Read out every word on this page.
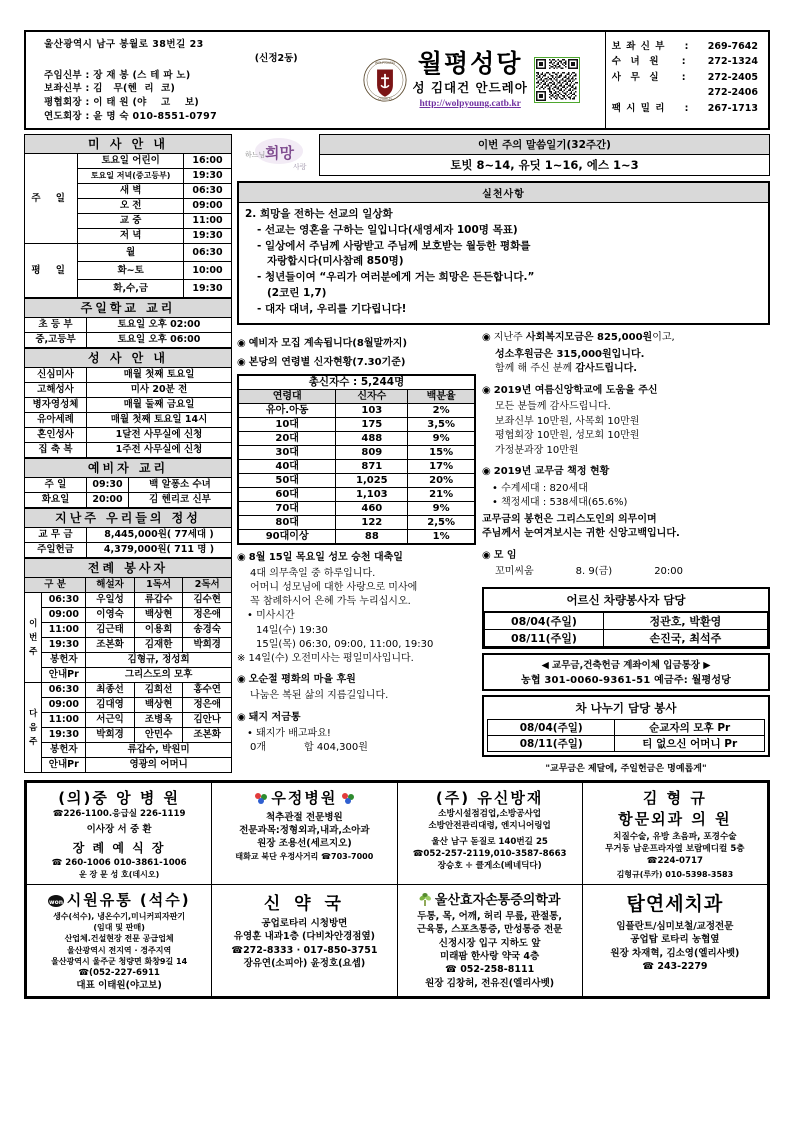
울산광역시 남구 봉월로 38번길 23
(신정2동)
주임신부 : 장 재 봉 (스 테 파 노)
보좌신부 : 김   무(헨  리  코)
평협회장 : 이 태 원 (야    고    보)
연도회장 : 윤 명 숙 010-8551-0797
WOLPYOUNG
CHURCH
월평성당
성 김대건 안드레아
http://wolpyoung.catb.kr
보 좌 신 부 : 269-7642
수  녀  원 : 272-1324
사  무  실 : 272-2405

272-2406
팩 시 밀 리 : 267-1713
미 사 안 내		
주 일	토요일 어린이	16:00
	토요일 저녁(중고등부)	19:30
	새 벽	06:30
	오 전	09:00
	교 중	11:00
	저 녁	19:30
평 일	월	06:30
	화~토	10:00
	화,수,금	19:30
주일학교 교리	
초 등 부	토요일 오후 02:00
중,고등부	토요일 오후 06:00
성 사 안 내	
신심미사	매월 첫째 토요일
고해성사	미사 20분 전
병자영성체	매월 둘째 금요일
유아세례	매월 첫째 토요일 14시
혼인성사	1달전 사무실에 신청
집 축 복	1주전 사무실에 신청
예비자 교리		
주 일	09:30	백 알퐁소 수녀
화요일	20:00	김 헨리코 신부
지난주 우리들의 정성	
교 무 금	8,445,000원( 77세대 )
주일헌금	4,379,000원( 711 명 )
전례 봉사자				
구 분		해설자	1독서	2독서
이 번 주	06:30	우일성	류갑수	김수현
	09:00	이영숙	백상현	정은애
	11:00	김근태	이용희	송경숙
	19:30	조본화	김재한	박희경
	봉헌자	김형규, 정성희		
	안내Pr	그리스도의 모후		
다 음 주	06:30	최종선	김희선	홍수연
	09:00	김대영	백상현	정은애
	11:00	서근익	조병옥	김안나
	19:30	박희경	안민수	조본화
	봉헌자	류갑수, 박원미		
	안내Pr	영광의 어머니		
하느님 희망
사랑
이번 주의 말씀일기(32주간)
토빗 8~14, 유딧 1~16, 에스 1~3
실천사항
2. 희망을 전하는 선교의 일상화
- 선교는 영혼을 구하는 일입니다(새영세자 100명 목표)
- 일상에서 주님께 사랑받고 주님께 보호받는 월등한 평화를
자랑합시다(미사참례 850명)
- 청년들이여 “우리가 여러분에게 거는 희망은 든든합니다.”
(2코린 1,7)
- 대자 대녀, 우리를 기다립니다!
◉ 예비자 모집 계속됩니다(8월말까지)
◉ 본당의 연령별 신자현황(7.30기준)
총신자수 : 5,244명		
연령대	신자수	백분율
유아.아동	103	2%
10대	175	3,5%
20대	488	9%
30대	809	15%
40대	871	17%
50대	1,025	20%
60대	1,103	21%
70대	460	9%
80대	122	2,5%
90대이상	88	1%
◉ 8월 15일 목요일 성모 승천 대축일
4대 의무축일 중 하루입니다.
어머니 성모님에 대한 사랑으로 미사에
꼭 참례하시어 은혜 가득 누리십시오.
• 미사시간
14일(수) 19:30
15일(목) 06:30, 09:00, 11:00, 19:30
※ 14일(수) 오전미사는 평일미사입니다.
◉ 오순절 평화의 마을 후원
나눔은 복된 삶의 지름길입니다.
◉ 돼지 저금통
• 돼지가 배고파요!
0개	합 404,300원
◉ 지난주 사회복지모금은 825,000원이고,
성소후원금은 315,000원입니다.
함께 해 주신 분께 감사드립니다.
◉ 2019년 여름신앙학교에 도움을 주신
모든 분들께 감사드립니다.
보좌신부 10만원, 사목회 10만원
평협회장 10만원, 성모회 10만원
가정분과장 10만원
◉ 2019년 교무금 책정 현황
• 수계세대 : 820세대
• 책정세대 : 538세대(65.6%)
교무금의 봉헌은 그리스도인의 의무이며
주님께서 눈여겨보시는 귀한 신앙고백입니다.
◉ 모 임
꼬미씨움	8. 9(금)	20:00
어르신 차량봉사자 담당
08/04(주일)	정관호, 박환영
08/11(주일)	손진국, 최석주
◀ 교무금,건축헌금 계좌이체 입금통장 ▶
농협 301-0060-9361-51 예금주: 월평성당
차 나누기 담당 봉사
08/04(주일)	순교자의 모후 Pr
08/11(주일)	티 없으신 어머니 Pr
"교무금은 제달에, 주일헌금은 명예롭게"
(의)중 앙 병 원
☎226-1100.응급실 226-1119
이사장 서 중 환
장 례 예 식 장
☎ 260-1006 010-3861-1006
운 장 문 성 호(데시오)

우정병원
척추관절 전문병원
전문과목:정형외과,내과,소아과
원장 조용선(세르지오)
태화교 북단 우정사거리 ☎703-7000

(주) 유신방재
소방시설점검업,소방공사업
소방안전관리대령, 엔지니어링업
울산 남구 돋질로 140번길 25
☎052-257-2119,010-3587-8663
장승호 ✛ 클게소(베네딕다)

김 형 규
항문외과 의 원
치질수술, 유방 초음파, 포경수술
무거동 남운프라자옆 보람메디컬 5층
☎224-0717
김형규(루카) 010-5398-3583

won 시원유통 (석수)
생수(석수), 냉온수기,미니커피자판기
(임대 및 판매)
산업체.건설현장 전문 공급업체
울산광역시 전지역 · 경주지역
울산광역시 울주군 청량면 화창9길 14
☎(052-227-6911
대표 이태원(야고보)

신 약 국
공업로타리 시청방면
유영훈 내과1층 (다비차안경점옆)
☎272-8333 · 017-850-3751
장유연(소피아) 윤정호(요셉)

울산효자손통증의학과
두통, 목, 어깨, 허리 무릎, 관절통,
근육통, 스포츠통증, 만성통증 전문
신정시장 입구 지하도 앞
미래팜 한사랑 약국 4층
☎ 052-258-8111
원장 김창허, 전유진(엘리사벳)

탑연세치과
임플란트/심미보철/교정전문
공업탑 로타리 농협옆
원장 차재혁, 김소영(엘리사벳)
☎ 243-2279
